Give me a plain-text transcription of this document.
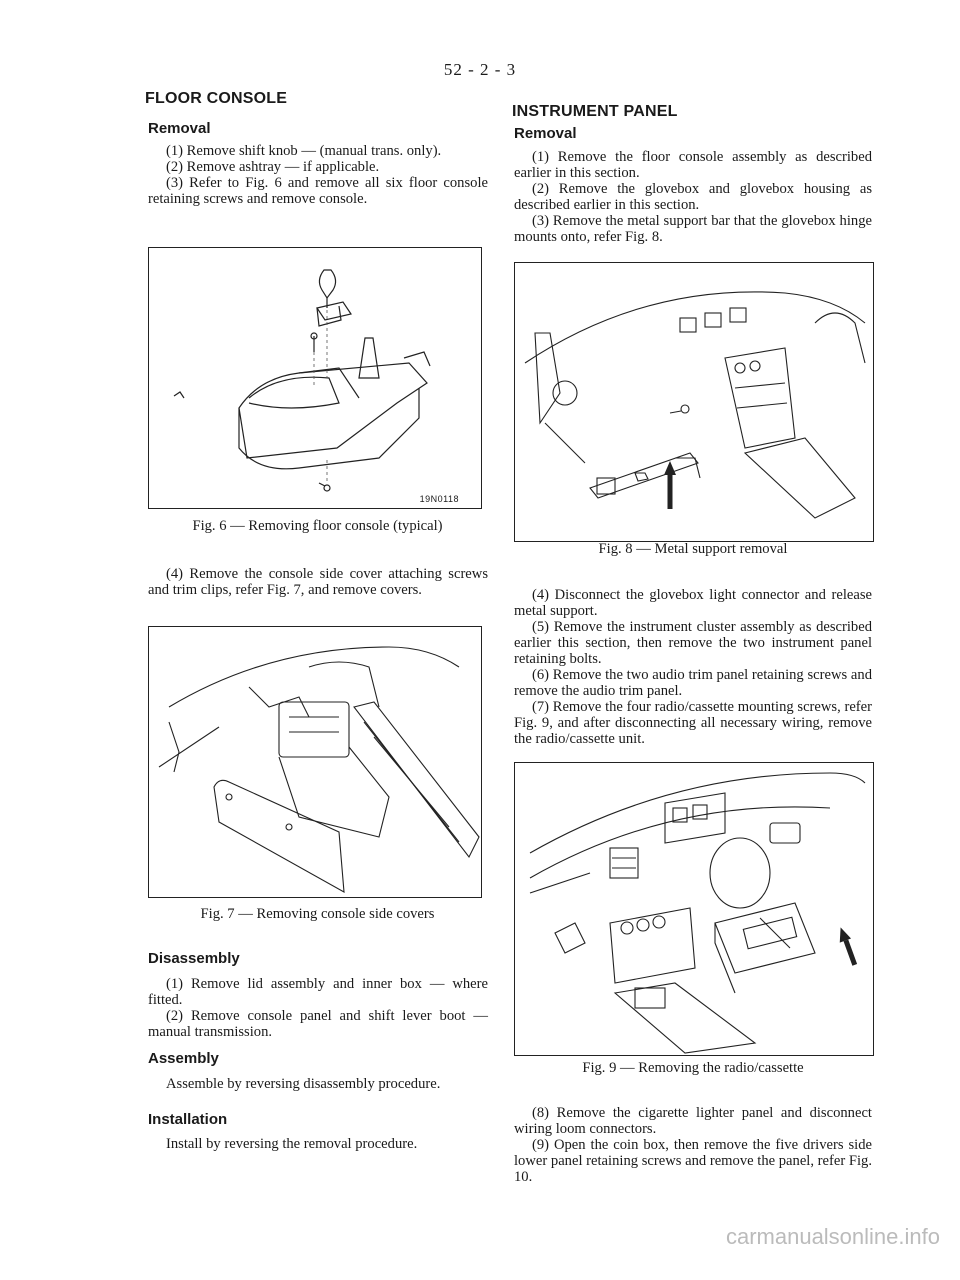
52 - 2 - 3
FLOOR CONSOLE
Removal

(1) Remove shift knob — (manual trans. only).

(2) Remove ashtray — if applicable.

(3) Refer to Fig. 6 and remove all six floor console retaining screws and remove console.

19N0118
Fig. 6 — Removing floor console (typical)

(4) Remove the console side cover attaching screws and trim clips, refer Fig. 7, and remove covers.

Fig. 7 — Removing console side covers
Disassembly

(1) Remove lid assembly and inner box — where fitted.

(2) Remove console panel and shift lever boot — manual transmission.

Assembly

Assemble by reversing disassembly procedure.

Installation

Install by reversing the removal procedure.

INSTRUMENT PANEL
Removal

(1) Remove the floor console assembly as described earlier in this section.

(2) Remove the glovebox and glovebox housing as described earlier in this section.

(3) Remove the metal support bar that the glovebox hinge mounts onto, refer Fig. 8.

Fig. 8 — Metal support removal

(4) Disconnect the glovebox light connector and release metal support.

(5) Remove the instrument cluster assembly as described earlier this section, then remove the two instrument panel retaining bolts.

(6) Remove the two audio trim panel retaining screws and remove the audio trim panel.

(7) Remove the four radio/cassette mounting screws, refer Fig. 9, and after disconnecting all necessary wiring, remove the radio/cassette unit.

Fig. 9 — Removing the radio/cassette

(8) Remove the cigarette lighter panel and disconnect wiring loom connectors.

(9) Open the coin box, then remove the five drivers side lower panel retaining screws and remove the panel, refer Fig. 10.

carmanualsonline.info
